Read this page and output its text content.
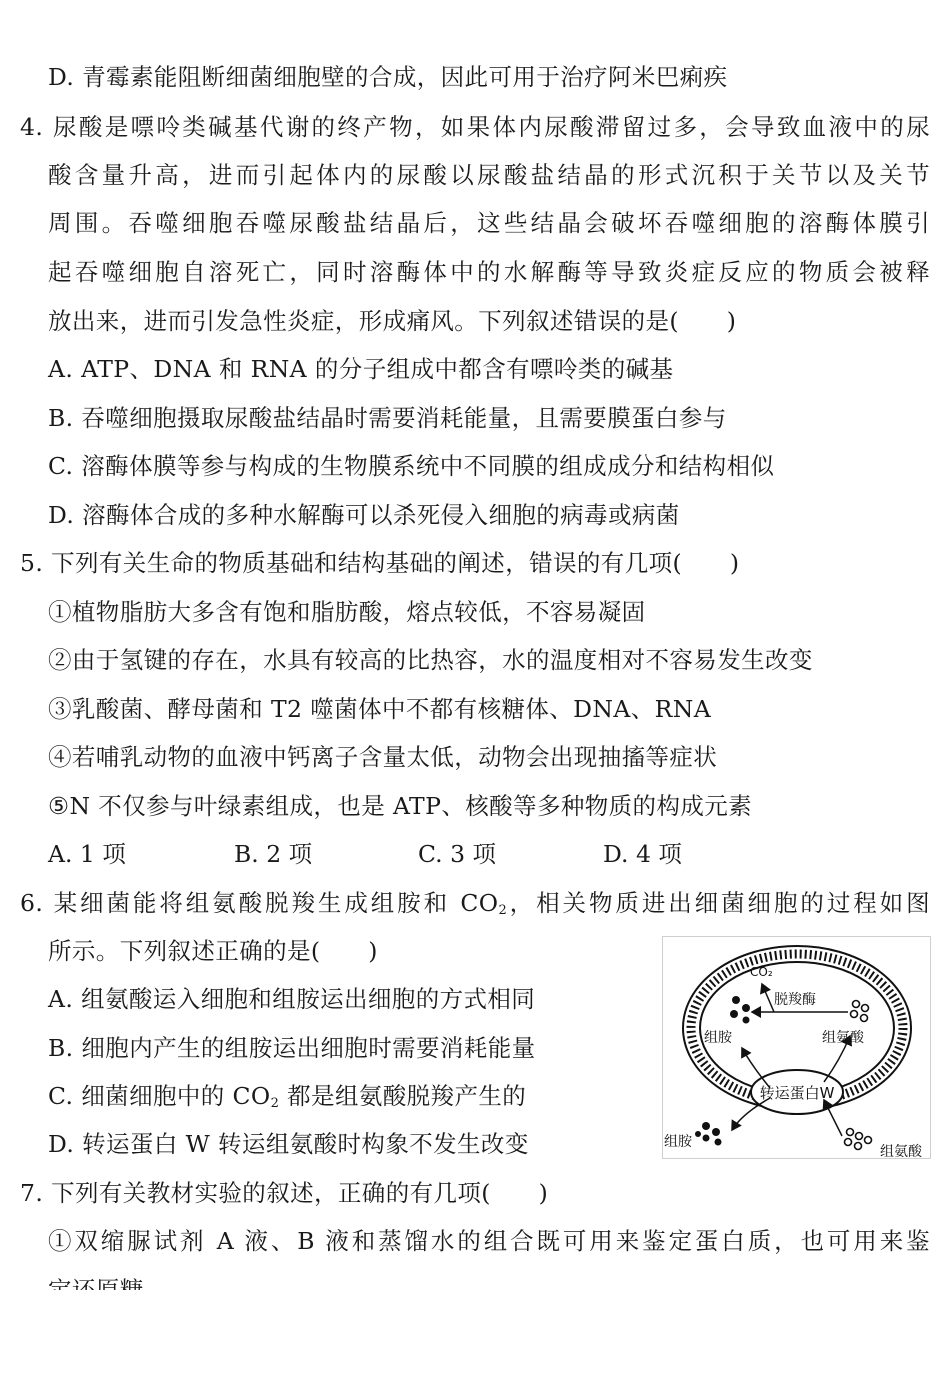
D. 青霉素能阻断细菌细胞壁的合成，因此可用于治疗阿米巴痢疾
4. 尿酸是嘌呤类碱基代谢的终产物，如果体内尿酸滞留过多，会导致血液中的尿
酸含量升高，进而引起体内的尿酸以尿酸盐结晶的形式沉积于关节以及关节
周围。吞噬细胞吞噬尿酸盐结晶后，这些结晶会破坏吞噬细胞的溶酶体膜引
起吞噬细胞自溶死亡，同时溶酶体中的水解酶等导致炎症反应的物质会被释
放出来，进而引发急性炎症，形成痛风。下列叙述错误的是(　　)
A. ATP、DNA 和 RNA 的分子组成中都含有嘌呤类的碱基
B. 吞噬细胞摄取尿酸盐结晶时需要消耗能量，且需要膜蛋白参与
C. 溶酶体膜等参与构成的生物膜系统中不同膜的组成成分和结构相似
D. 溶酶体合成的多种水解酶可以杀死侵入细胞的病毒或病菌
5. 下列有关生命的物质基础和结构基础的阐述，错误的有几项(　　)
①植物脂肪大多含有饱和脂肪酸，熔点较低，不容易凝固
②由于氢键的存在，水具有较高的比热容，水的温度相对不容易发生改变
③乳酸菌、酵母菌和 T2 噬菌体中不都有核糖体、DNA、RNA
④若哺乳动物的血液中钙离子含量太低，动物会出现抽搐等症状
⑤N 不仅参与叶绿素组成，也是 ATP、核酸等多种物质的构成元素
A. 1 项	B. 2 项	C. 3 项	D. 4 项
6. 某细菌能将组氨酸脱羧生成组胺和 $CO_2$，相关物质进出细菌细胞的过程如图
所示。下列叙述正确的是(　　)
A. 组氨酸运入细胞和组胺运出细胞的方式相同
B. 细胞内产生的组胺运出细胞时需要消耗能量
C. 细菌细胞中的 $CO_2$ 都是组氨酸脱羧产生的
D. 转运蛋白 W 转运组氨酸时构象不发生改变
转运蛋白W
CO₂
脱羧酶
组胺	组氨酸
组胺
组氨酸
7. 下列有关教材实验的叙述，正确的有几项(　　)
①双缩脲试剂 A 液、B 液和蒸馏水的组合既可用来鉴定蛋白质，也可用来鉴
